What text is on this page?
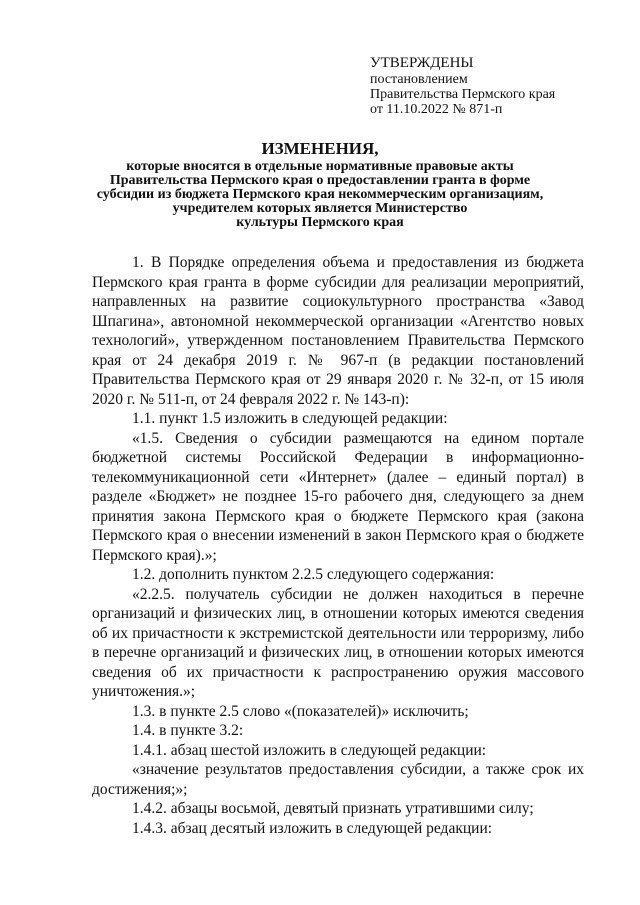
УТВЕРЖДЕНЫ
постановлением
Правительства Пермского края
от 11.10.2022 № 871-п
ИЗМЕНЕНИЯ,
которые вносятся в отдельные нормативные правовые акты
Правительства Пермского края о предоставлении гранта в форме
субсидии из бюджета Пермского края некоммерческим организациям,
учредителем которых является Министерство
культуры Пермского края

1. В Порядке определения объема и предоставления из бюджета Пермского края гранта в форме субсидии для реализации мероприятий, направленных на развитие социокультурного пространства «Завод Шпагина», автономной некоммерческой организации «Агентство новых технологий», утвержденном постановлением Правительства Пермского края от 24 декабря 2019 г. № 967-п (в редакции постановлений Правительства Пермского края от 29 января 2020 г. № 32-п, от 15 июля 2020 г. № 511-п, от 24 февраля 2022 г. № 143-п):

1.1. пункт 1.5 изложить в следующей редакции:

«1.5. Сведения о субсидии размещаются на едином портале бюджетной системы Российской Федерации в информационно-телекоммуникационной сети «Интернет» (далее – единый портал) в разделе «Бюджет» не позднее 15-го рабочего дня, следующего за днем принятия закона Пермского края о бюджете Пермского края (закона Пермского края о внесении изменений в закон Пермского края о бюджете Пермского края).»;

1.2. дополнить пунктом 2.2.5 следующего содержания:

«2.2.5. получатель субсидии не должен находиться в перечне организаций и физических лиц, в отношении которых имеются сведения об их причастности к экстремистской деятельности или терроризму, либо в перечне организаций и физических лиц, в отношении которых имеются сведения об их причастности к распространению оружия массового уничтожения.»;

1.3. в пункте 2.5 слово «(показателей)» исключить;

1.4. в пункте 3.2:

1.4.1. абзац шестой изложить в следующей редакции:

«значение результатов предоставления субсидии, а также срок их достижения;»;

1.4.2. абзацы восьмой, девятый признать утратившими силу;

1.4.3. абзац десятый изложить в следующей редакции:
